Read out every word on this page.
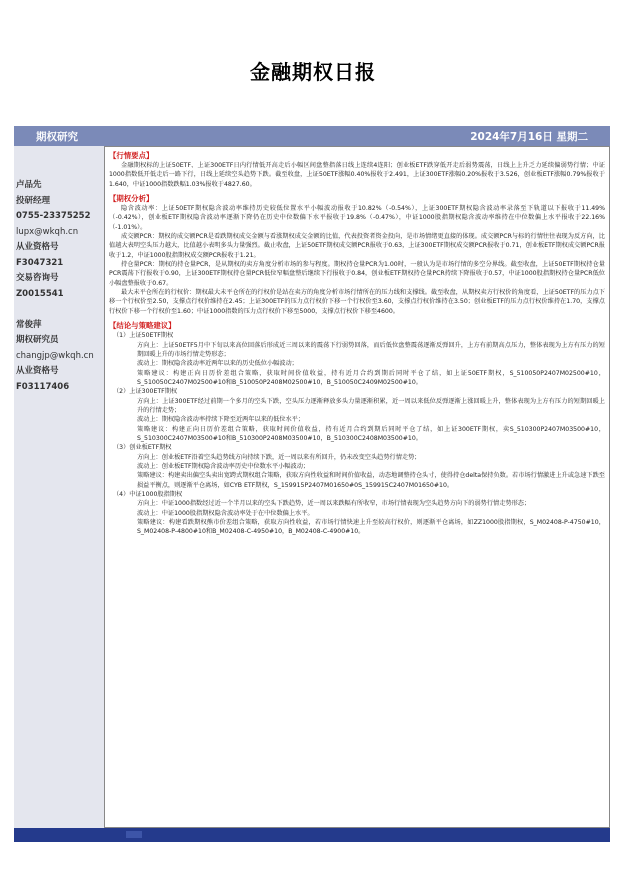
金融期权日报
期权研究	2024年7月16日 星期二
卢品先
投研经理
0755-23375252
lupx@wkqh.cn
从业资格号
F3047321
交易咨询号
Z0015541
常俊萍
期权研究员
changjp@wkqh.cn
从业资格号
F03117406
【行情要点】

金融期权标的上证50ETF、上证300ETF日内行情低开高走后小幅区间盘整指落日线上连续4连阳；创业板ETF跌穿低开走后弱势震荡，日线上上升乏力延续偏弱势行情；中证1000指数低开低走后一路下行，日线上延续空头趋势下跌。截至收盘，上证50ETF涨幅0.40%报收于2.491，上证300ETF涨幅0.20%报收于3.526，创业板ETF涨幅0.79%报收于1.640，中证1000指数跌幅1.03%报收于4827.60。

【期权分析】

隐含波动率：上证50ETF期权隐含波动率维持历史较低位置水平小幅波动报收于10.82%（-0.54%），上证300ETF期权隐含波动率录落至下轨道以下报收于11.49%（-0.42%），创业板ETF期权隐含波动率逐渐下降仍在历史中位数偏下水平报收于19.8%（-0.47%），中证1000股指期权隐含波动率维持在中位数偏上水平报收于22.16%（-1.01%）。

成交额PCR：期权的成交额PCR是看跌期权成交金额与看涨期权成交金额的比值，代表投资者资金投向，是市场情绪更直接的体现。成交额PCR与标的行情往往表现为反方向，比值越大表明空头压力越大，比值越小表明多头力量强烈。截止收盘，上证50ETF期权成交额PCR报收于0.63，上证300ETF期权成交额PCR报收于0.71，创业板ETF期权成交额PCR报收于1.2，中证1000股指期权成交额PCR报收于1.21。

持仓量PCR：期权的持仓量PCR，是从期权的卖方角度分析市场的参与程度。期权持仓量PCR为1.00时，一般认为是市场行情的多空分界线。截至收盘，上证50ETF期权持仓量PCR震荡下行报收于0.90，上证300ETF期权持仓量PCR低位窄幅盘整后继续下行报收于0.84，创业板ETF期权持仓量PCR持续下降报收于0.57，中证1000股指期权持仓量PCR低位小幅盘整报收于0.67。

最大未平仓所在的行权价：期权最大未平仓所在的行权价是站在卖方的角度分析市场行情所在的压力线和支撑线。截至收盘，从期权卖方行权价的角度看，上证50ETF的压力点下移一个行权价至2.50，支撑点行权价维持在2.45；上证300ETF的压力点行权价下移一个行权价至3.60，支撑点行权价维持在3.50；创业板ETF的压力点行权价维持在1.70，支撑点行权价下移一个行权价至1.60；中证1000指数的压力点行权价下移至5000，支撑点行权价下移至4600。

【结论与策略建议】
（1）上证50ETF期权

方向上：上证50ETF5月中下旬以来高位回落后形成近三周以来的震荡下行弱势回落，而后低位盘整震荡逐渐反弹回升，上方有前期高点压力，整体表现为上方有压力的短期回暖上升的市场行情走势形态；

波动上：期权隐含波动率近两年以来的历史低位小幅波动；

策略建议：构建正向日历价差组合策略，获取时间价值收益，持有近月合约到期后同时平仓了结，如上证50ETF期权，S_510050P2407M02500#10，S_510050C2407M02500#10和B_510050P2408M02500#10，B_510050C2409M02500#10。

（2）上证300ETF期权

方向上：上证300ETF经过前期一个多月的空头下跌，空头压力逐渐释放多头力量逐渐积累，近一周以来低位反弹逐渐上涨回暖上升，整体表现为上方有压力的短期回暖上升的行情走势；

波动上：期权隐含波动率持续下降至近两年以来的低位水平；

策略建议：构建正向日历价差组合策略，获取时间价值收益，持有近月合约到期后同时平仓了结，如上证300ETF期权，卖S_510300P2407M03500#10，S_510300C2407M03500#10和B_510300P2408M03500#10，B_510300C2408M03500#10。

（3）创业板ETF期权

方向上：创业板ETF沿着空头趋势线方向持续下跌，近一周以来有所回升，仍未改变空头趋势行情走势；

波动上：创业板ETF期权隐含波动率历史中位数水平小幅波动；

策略建议：构建卖出偏空头卖出宽跨式期权组合策略，获取方向性收益和时间价值收益，动态地调整持仓头寸，使得持仓delta保持负数。若市场行情激进上升或急速下跌至损益平衡点，则逐渐平仓离场，如CYB ETF期权，S_159915P2407M01650#0S_159915C2407M01650#10。

（4）中证1000股指期权

方向上：中证1000指数经过近一个半月以来的空头下跌趋势，近一周以来跌幅有所收窄，市场行情表现为空头趋势方向下的弱势行情走势形态；

波动上：中证1000股指期权隐含波动率处于在中位数偏上水平。

策略建议：构建看跌期权熊市价差组合策略，获取方向性收益，若市场行情快速上升至较高行权价，则逐渐平仓离场，如ZZ1000股指期权，S_M02408-P-4750#10，S_M02408-P-4800#10和B_M02408-C-4950#10，B_M02408-C-4900#10。
